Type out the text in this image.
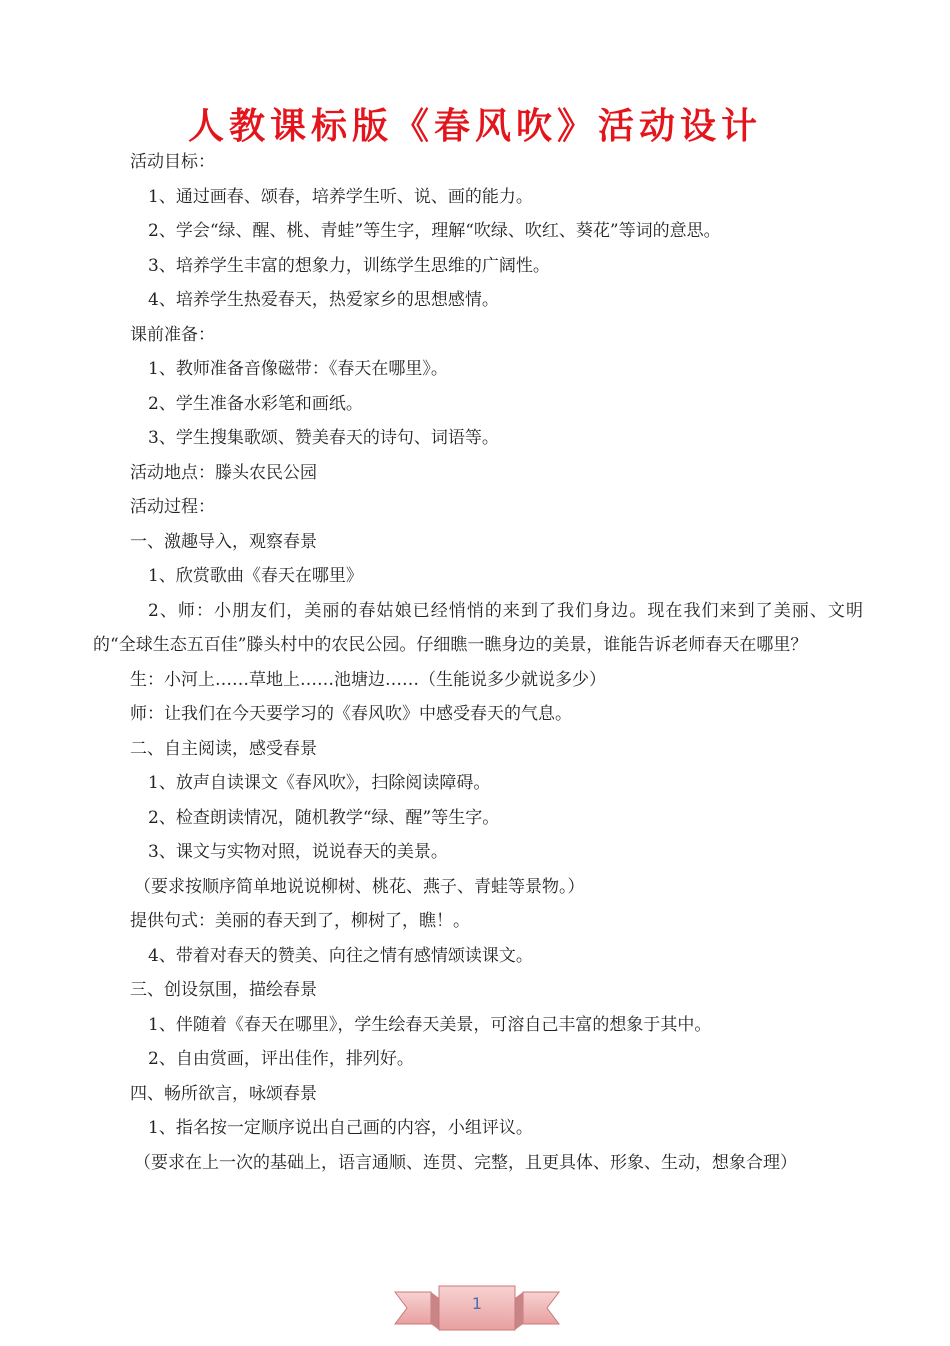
人教课标版《春风吹》活动设计
活动目标：
1、通过画春、颂春，培养学生听、说、画的能力。
2、学会“绿、醒、桃、青蛙”等生字，理解“吹绿、吹红、葵花”等词的意思。
3、培养学生丰富的想象力，训练学生思维的广阔性。
4、培养学生热爱春天，热爱家乡的思想感情。
课前准备：
1、教师准备音像磁带：《春天在哪里》。
2、学生准备水彩笔和画纸。
3、学生搜集歌颂、赞美春天的诗句、词语等。
活动地点：滕头农民公园
活动过程：
一、激趣导入，观察春景
1、欣赏歌曲《春天在哪里》
2、师：小朋友们，美丽的春姑娘已经悄悄的来到了我们身边。现在我们来到了美丽、文明的“全球生态五百佳”滕头村中的农民公园。仔细瞧一瞧身边的美景，谁能告诉老师春天在哪里？
生：小河上……草地上……池塘边……（生能说多少就说多少）
师：让我们在今天要学习的《春风吹》中感受春天的气息。
二、自主阅读，感受春景
1、放声自读课文《春风吹》，扫除阅读障碍。
2、检查朗读情况，随机教学“绿、醒”等生字。
3、课文与实物对照，说说春天的美景。
（要求按顺序简单地说说柳树、桃花、燕子、青蛙等景物。）
提供句式：美丽的春天到了，柳树了，瞧！。
4、带着对春天的赞美、向往之情有感情颂读课文。
三、创设氛围，描绘春景
1、伴随着《春天在哪里》，学生绘春天美景，可溶自己丰富的想象于其中。
2、自由赏画，评出佳作，排列好。
四、畅所欲言，咏颂春景
1、指名按一定顺序说出自己画的内容，小组评议。
（要求在上一次的基础上，语言通顺、连贯、完整，且更具体、形象、生动，想象合理）
1
